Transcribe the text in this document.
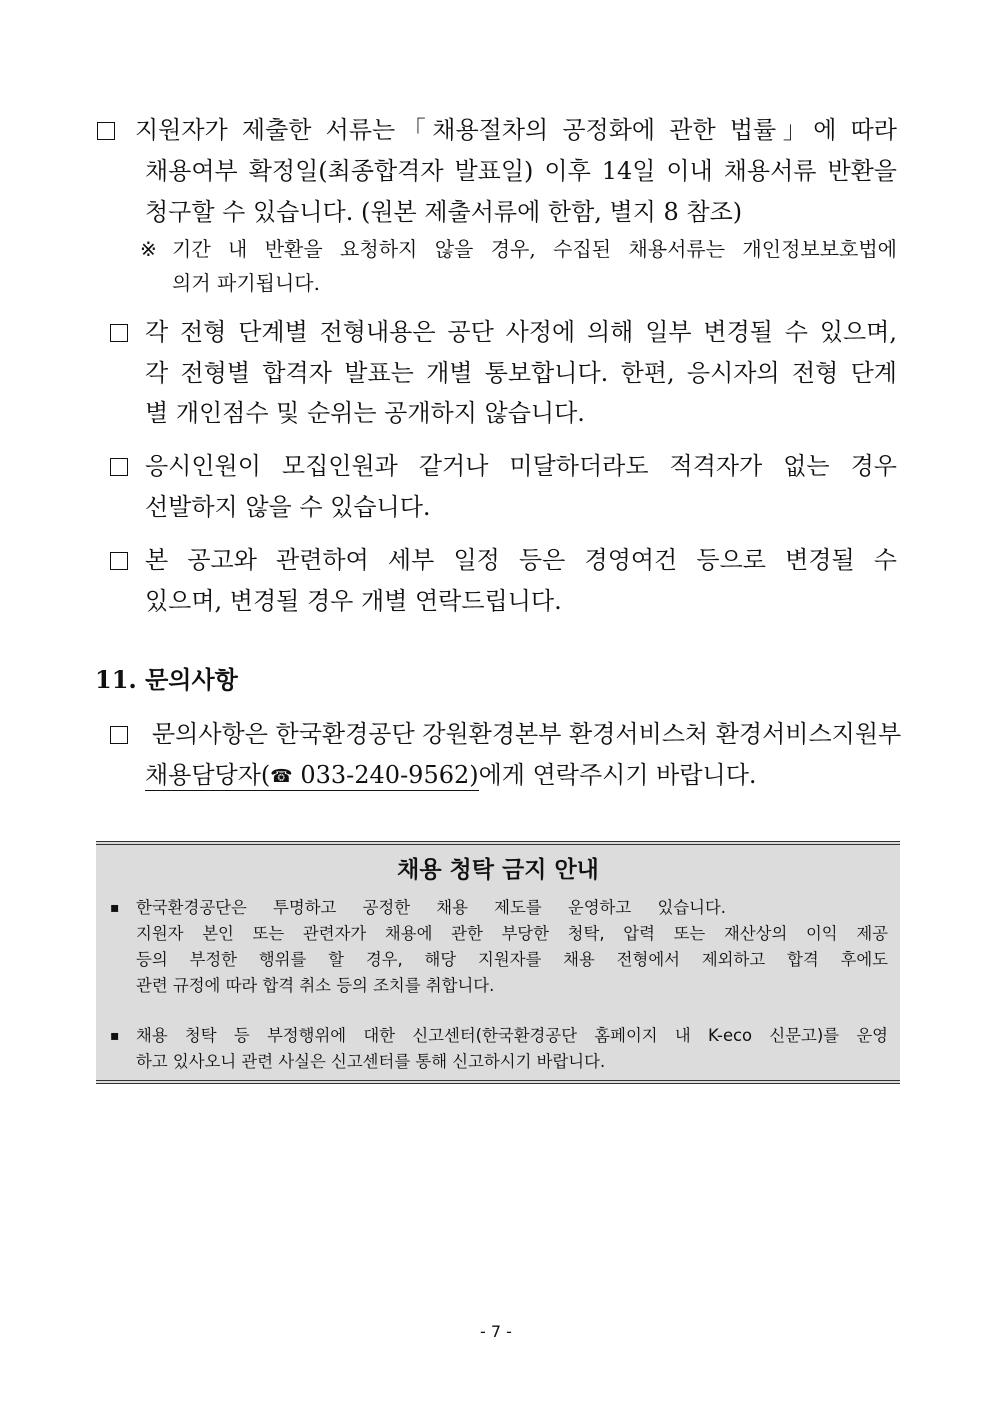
지원자가 제출한 서류는「채용절차의 공정화에 관한 법률」에 따라
채용여부 확정일(최종합격자 발표일) 이후 14일 이내 채용서류 반환을
청구할 수 있습니다. (원본 제출서류에 한함, 별지 8 참조)
※ 기간 내 반환을 요청하지 않을 경우, 수집된 채용서류는 개인정보보호법에
의거 파기됩니다.
각 전형 단계별 전형내용은 공단 사정에 의해 일부 변경될 수 있으며,
각 전형별 합격자 발표는 개별 통보합니다. 한편, 응시자의 전형 단계
별 개인점수 및 순위는 공개하지 않습니다.
응시인원이 모집인원과 같거나 미달하더라도 적격자가 없는 경우
선발하지 않을 수 있습니다.
본 공고와 관련하여 세부 일정 등은 경영여건 등으로 변경될 수
있으며, 변경될 경우 개별 연락드립니다.
11. 문의사항
문의사항은 한국환경공단 강원환경본부 환경서비스처 환경서비스지원부
채용담당자(☎ 033-240-9562)에게 연락주시기 바랍니다.
채용 청탁 금지 안내
▪ 한국환경공단은 투명하고 공정한 채용 제도를 운영하고 있습니다.
지원자 본인 또는 관련자가 채용에 관한 부당한 청탁, 압력 또는 재산상의 이익 제공
등의 부정한 행위를 할 경우, 해당 지원자를 채용 전형에서 제외하고 합격 후에도
관련 규정에 따라 합격 취소 등의 조치를 취합니다.
▪ 채용 청탁 등 부정행위에 대한 신고센터(한국환경공단 홈페이지 내 K-eco 신문고)를 운영
하고 있사오니 관련 사실은 신고센터를 통해 신고하시기 바랍니다.
- 7 -
